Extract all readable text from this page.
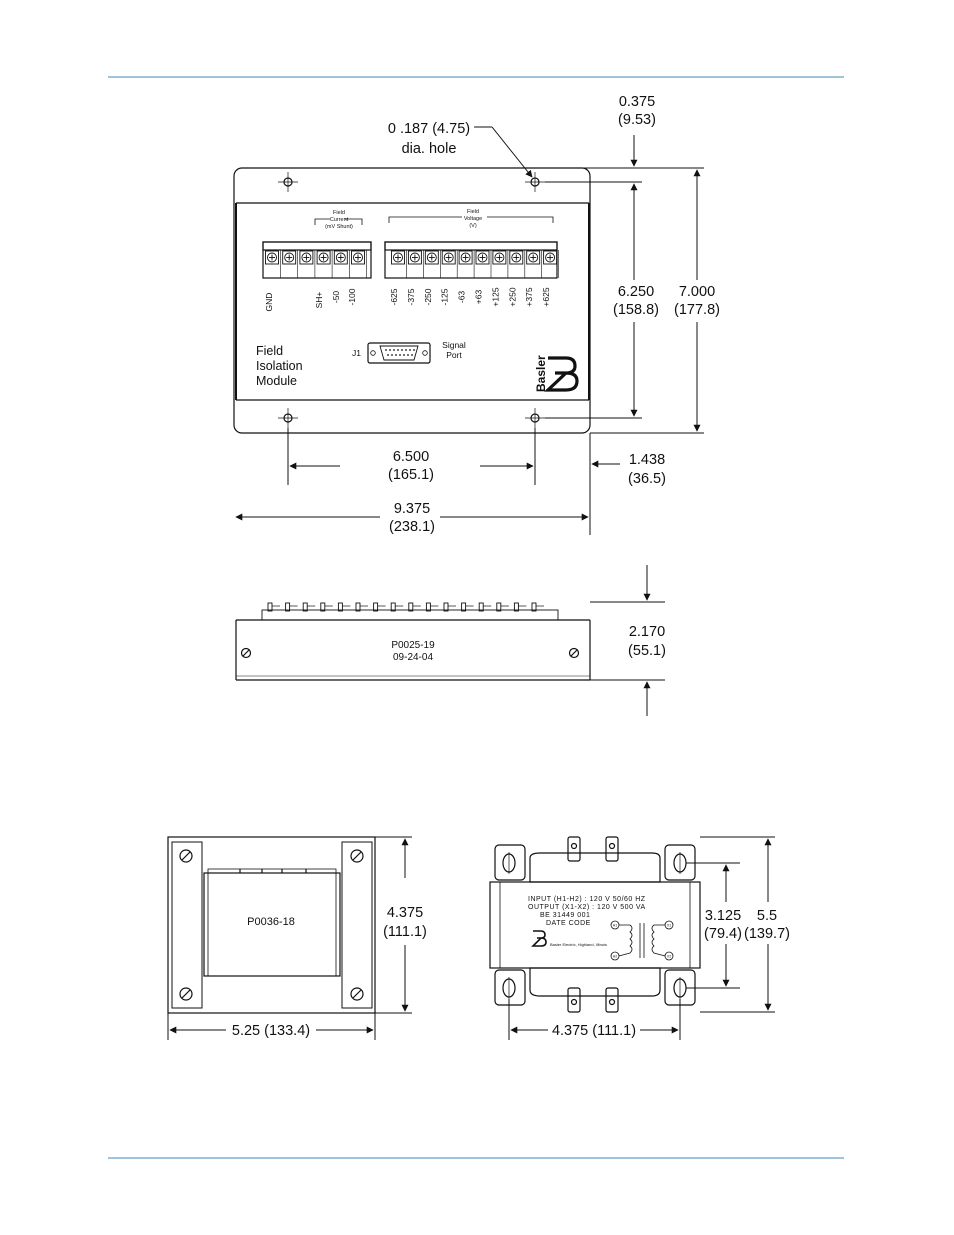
0 .187 (4.75)
dia. hole
0.375
(9.53)
6.250
(158.8)
7.000
(177.8)
6.500
(165.1)
1.438
(36.5)
9.375
(238.1)
Field
Current
(mV Shunt)
Field
Voltage
(V)
GND	SH+ -50 -100	-625 -375 -250 -125 -63 +63 +125 +250 +375 +625
Field
Isolation
Module
J1
Signal
Port
Basler
P0025-19
09-24-04
2.170
(55.1)
P0036-18
4.375
(111.1)
5.25 (133.4)
INPUT (H1-H2) : 120 V 50/60 HZ
OUTPUT (X1-X2) : 120 V 500 VA
BE 31449 001
DATE CODE
Basler Electric, Highland, Illinois
H1
H2
X1
X2
3.125
(79.4)
5.5
(139.7)
4.375 (111.1)
